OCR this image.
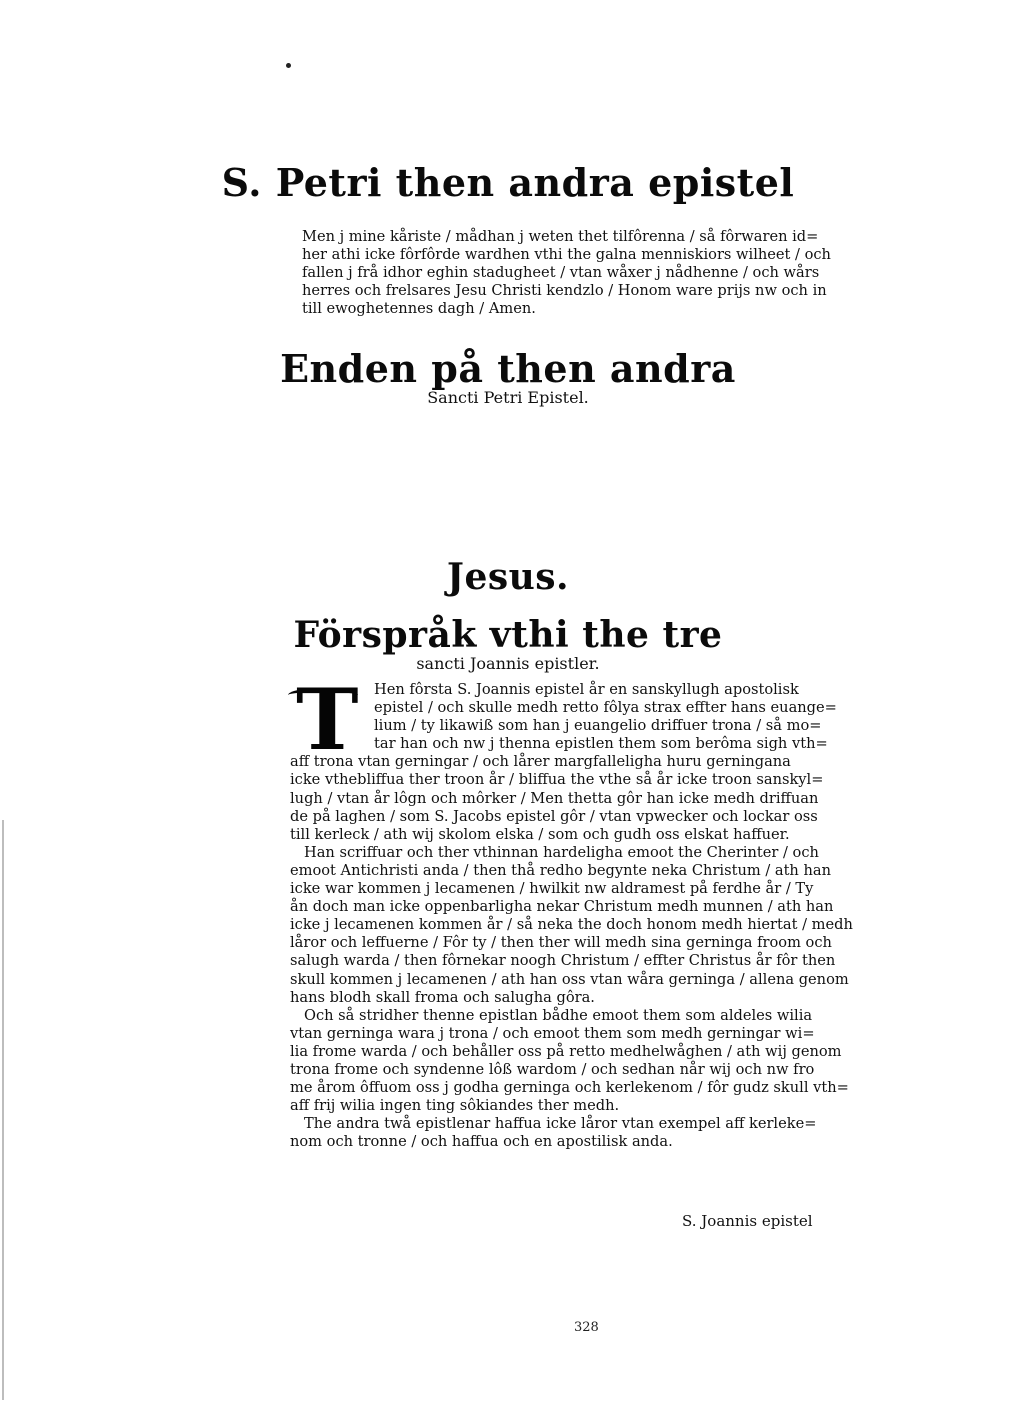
S. Petri then andra epistel
Men j mine kåriste / mådhan j weten thet tilfôrenna / så fôrwaren id=
her athi icke fôrfôrde wardhen vthi the galna menniskiors wilheet / och
fallen j frå idhor eghin stadugheet / vtan wåxer j nådhenne / och wårs
herres och frelsares Jesu Christi kendzlo / Honom ware prijs nw och in
till ewoghetennes dagh / Amen.
Enden på then andra
Sancti Petri Epistel.
Jesus.
Förspråk vthi the tre
sancti Joannis epistler.
T	Hen fôrsta S. Joannis epistel år en sanskyllugh apostolisk
epistel / och skulle medh retto fôlya strax effter hans euange=
lium / ty likawiß som han j euangelio driffuer trona / så mo=
tar han och nw j thenna epistlen them som berôma sigh vth=
aff trona vtan gerningar / och lårer margfalleligha huru gerningana
icke vthebliffua ther troon år / bliffua the vthe så år icke troon sanskyl=
lugh / vtan år lôgn och môrker / Men thetta gôr han icke medh driffuan
de på laghen / som S. Jacobs epistel gôr / vtan vpwecker och lockar oss
till kerleck / ath wij skolom elska / som och gudh oss elskat haffuer.
Han scriffuar och ther vthinnan hardeligha emoot the Cherinter / och
emoot Antichristi anda / then thå redho begynte neka Christum / ath han
icke war kommen j lecamenen / hwilkit nw aldramest på ferdhe år / Ty
ån doch man icke oppenbarligha nekar Christum medh munnen / ath han
icke j lecamenen kommen år / så neka the doch honom medh hiertat / medh
låror och leffuerne / Fôr ty / then ther will medh sina gerninga froom och
salugh warda / then fôrnekar noogh Christum / effter Christus år fôr then
skull kommen j lecamenen / ath han oss vtan wåra gerninga / allena genom
hans blodh skall froma och salugha gôra.
Och så stridher thenne epistlan bådhe emoot them som aldeles wilia
vtan gerninga wara j trona / och emoot them som medh gerningar wi=
lia frome warda / och behåller oss på retto medhelwåghen / ath wij genom
trona frome och syndenne lôß wardom / och sedhan når wij och nw fro
me årom ôffuom oss j godha gerninga och kerlekenom / fôr gudz skull vth=
aff frij wilia ingen ting sôkiandes ther medh.
The andra twå epistlenar haffua icke låror vtan exempel aff kerleke=
nom och tronne / och haffua och en apostilisk anda.
S. Joannis epistel
328
